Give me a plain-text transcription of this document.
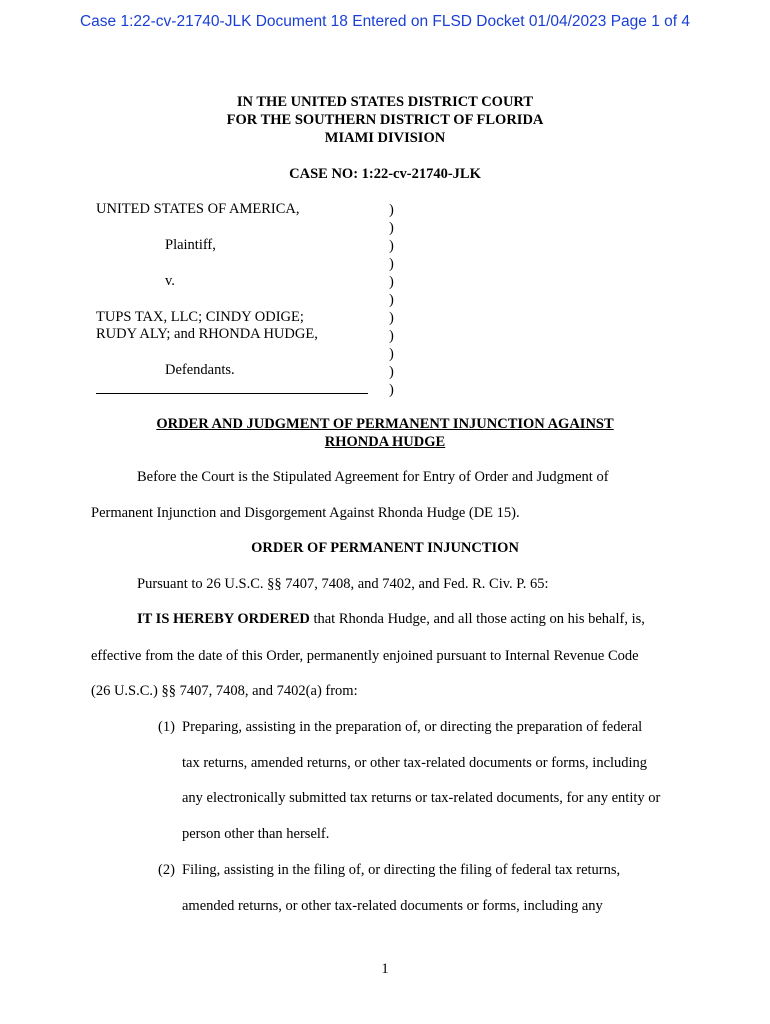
Case 1:22-cv-21740-JLK Document 18 Entered on FLSD Docket 01/04/2023 Page 1 of 4
IN THE UNITED STATES DISTRICT COURT
FOR THE SOUTHERN DISTRICT OF FLORIDA
MIAMI DIVISION
CASE NO: 1:22-cv-21740-JLK
UNITED STATES OF AMERICA,
Plaintiff,
v.
TUPS TAX, LLC; CINDY ODIGE;
RUDY ALY; and RHONDA HUDGE,
Defendants.
)
)
)
)
)
)
)
)
)
)
)
ORDER AND JUDGMENT OF PERMANENT INJUNCTION AGAINST
RHONDA HUDGE
Before the Court is the Stipulated Agreement for Entry of Order and Judgment of
Permanent Injunction and Disgorgement Against Rhonda Hudge (DE 15).
ORDER OF PERMANENT INJUNCTION
Pursuant to 26 U.S.C. §§ 7407, 7408, and 7402, and Fed. R. Civ. P. 65:
IT IS HEREBY ORDERED that Rhonda Hudge, and all those acting on his behalf, is,
effective from the date of this Order, permanently enjoined pursuant to Internal Revenue Code
(26 U.S.C.) §§ 7407, 7408, and 7402(a) from:
(1) Preparing, assisting in the preparation of, or directing the preparation of federal
tax returns, amended returns, or other tax-related documents or forms, including
any electronically submitted tax returns or tax-related documents, for any entity or
person other than herself.
(2) Filing, assisting in the filing of, or directing the filing of federal tax returns,
amended returns, or other tax-related documents or forms, including any
1
